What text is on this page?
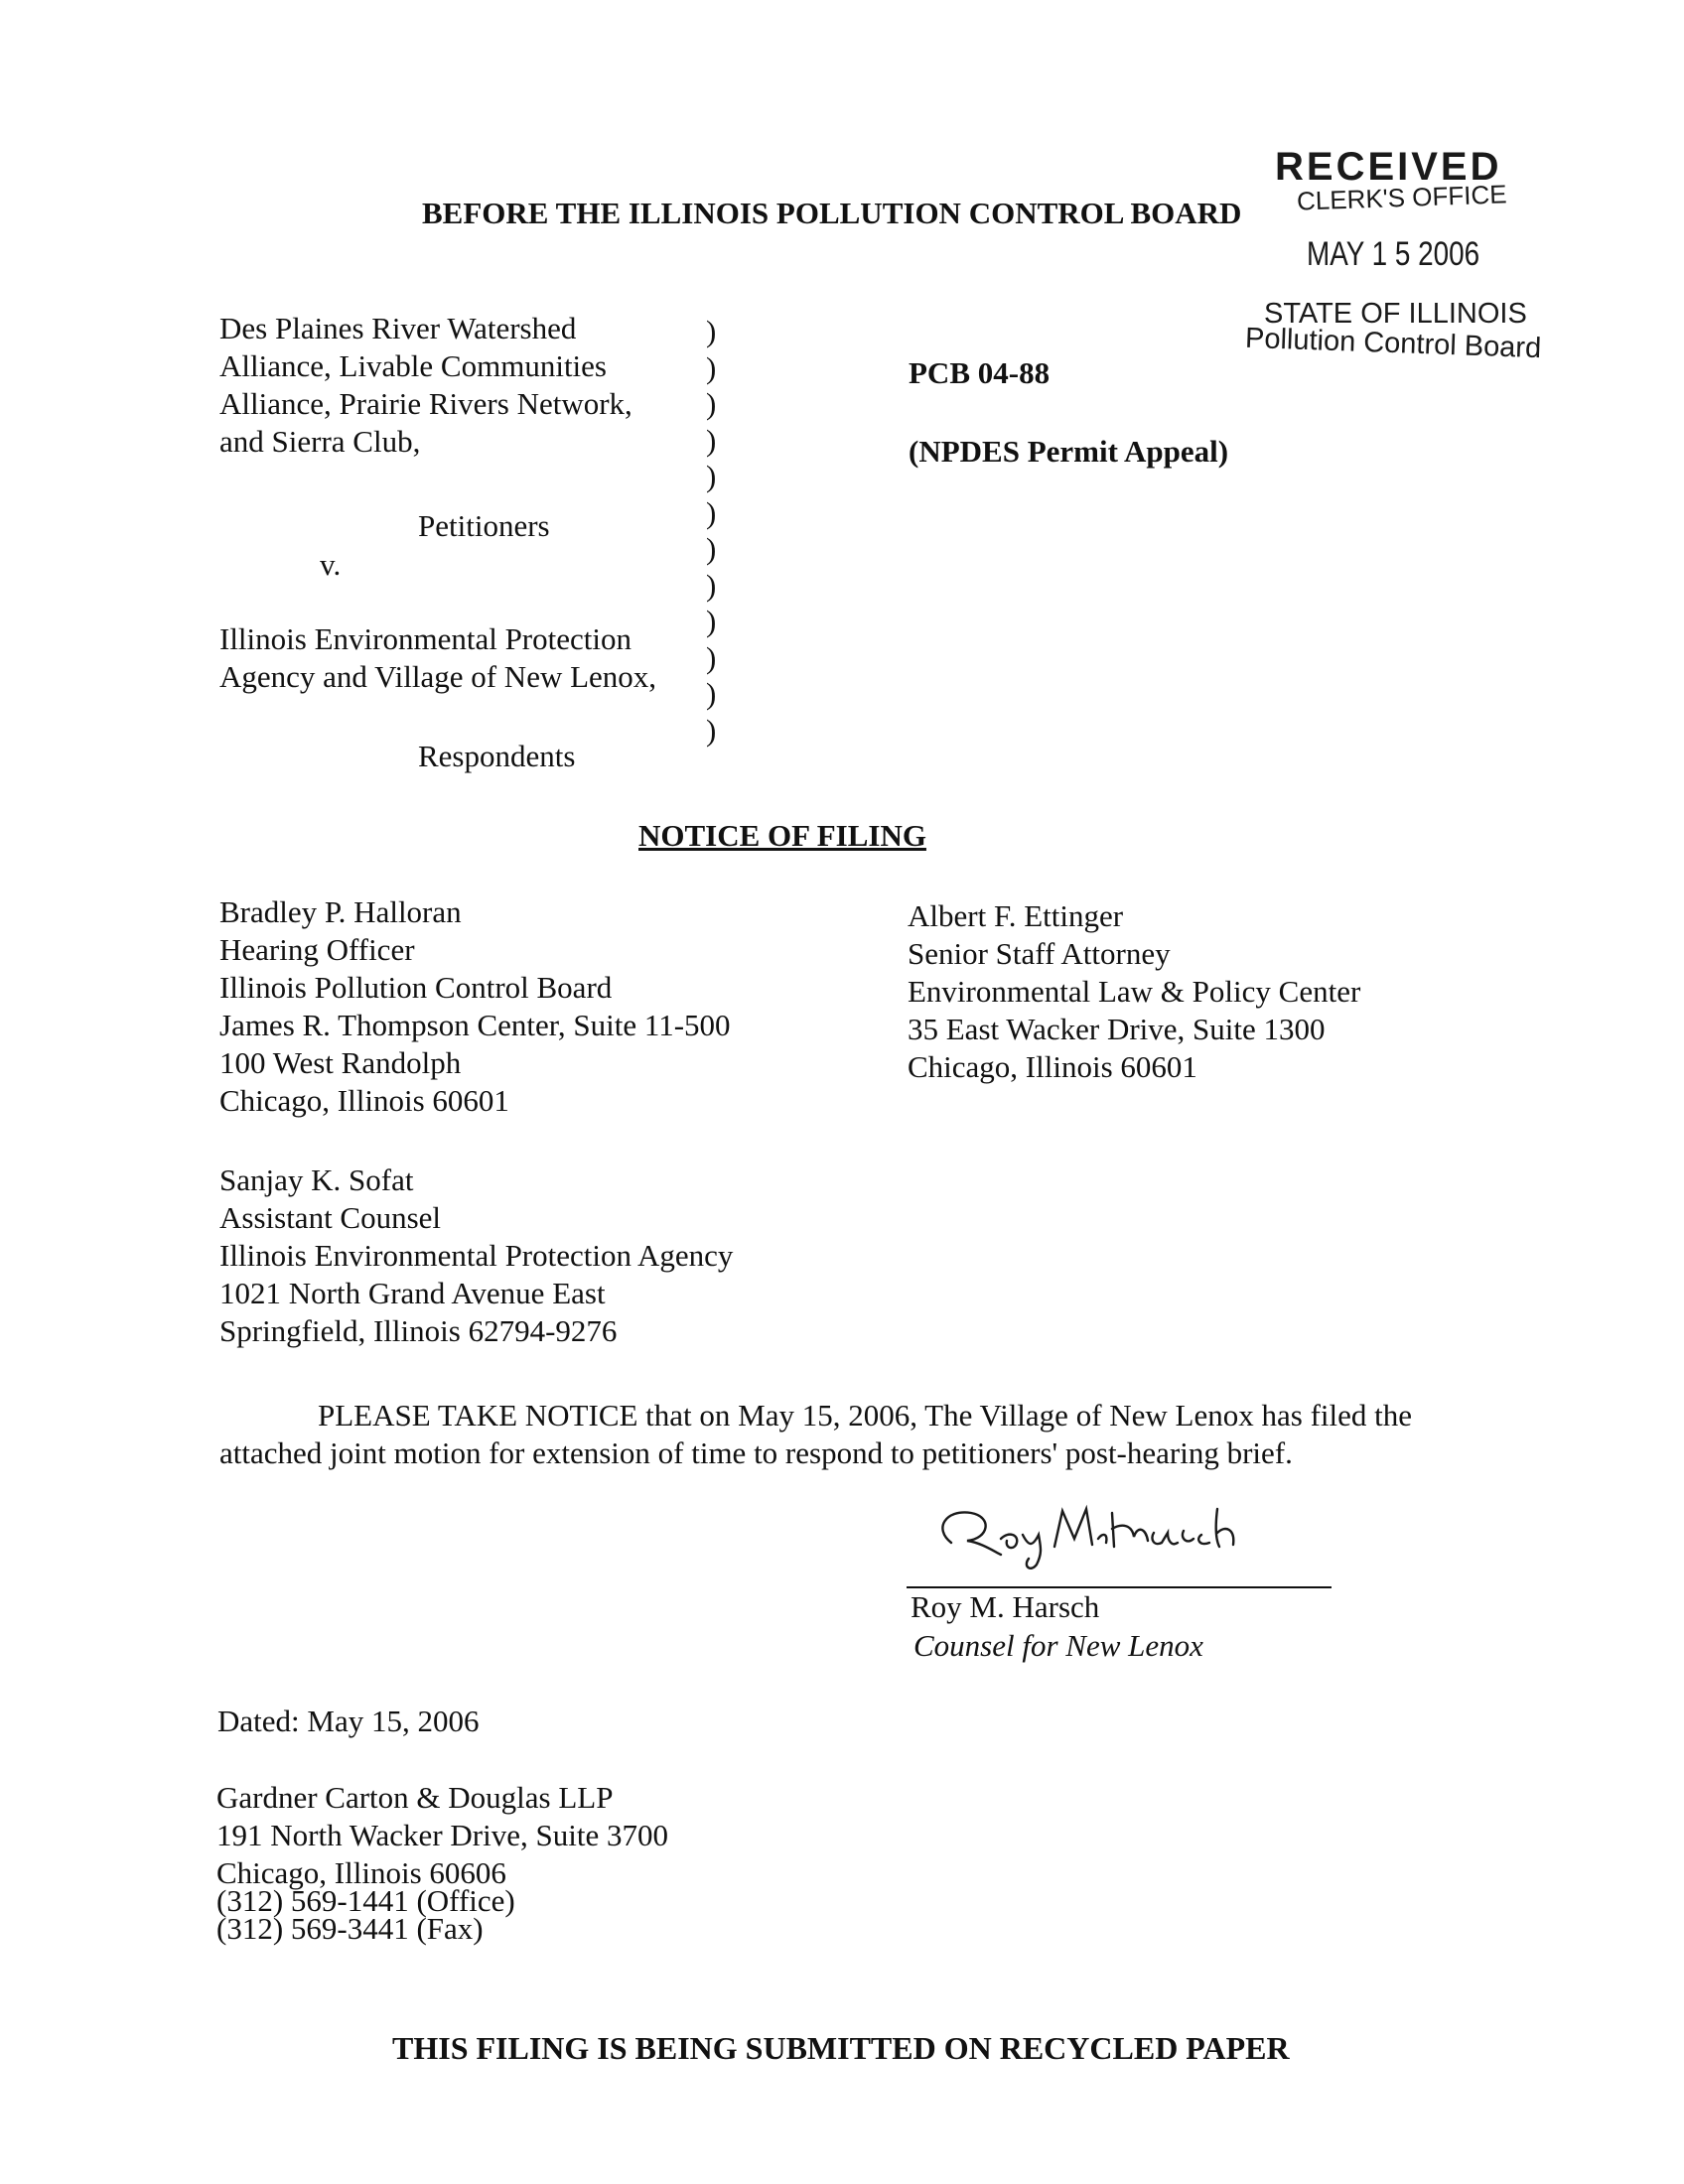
RECEIVED
CLERK'S OFFICE
MAY 1 5 2006
STATE OF ILLINOIS
Pollution Control Board
BEFORE THE ILLINOIS POLLUTION CONTROL BOARD
Des Plaines River Watershed
Alliance, Livable Communities
Alliance, Prairie Rivers Network,
and Sierra Club,
Petitioners
v.
Illinois Environmental Protection
Agency and Village of New Lenox,
Respondents
)
)
)
)
)
)
)
)
)
)
)
)
PCB 04-88
(NPDES Permit Appeal)
NOTICE OF FILING
Bradley P. Halloran
Hearing Officer
Illinois Pollution Control Board
James R. Thompson Center, Suite 11-500
100 West Randolph
Chicago, Illinois 60601
Albert F. Ettinger
Senior Staff Attorney
Environmental Law & Policy Center
35 East Wacker Drive, Suite 1300
Chicago, Illinois 60601
Sanjay K. Sofat
Assistant Counsel
Illinois Environmental Protection Agency
1021 North Grand Avenue East
Springfield, Illinois 62794-9276
PLEASE TAKE NOTICE that on May 15, 2006, The Village of New Lenox has filed the
attached joint motion for extension of time to respond to petitioners' post-hearing brief.
Roy M. Harsch
Counsel for New Lenox
Dated: May 15, 2006
Gardner Carton & Douglas LLP
191 North Wacker Drive, Suite 3700
Chicago, Illinois 60606
(312) 569-1441 (Office)
(312) 569-3441 (Fax)
THIS FILING IS BEING SUBMITTED ON RECYCLED PAPER
